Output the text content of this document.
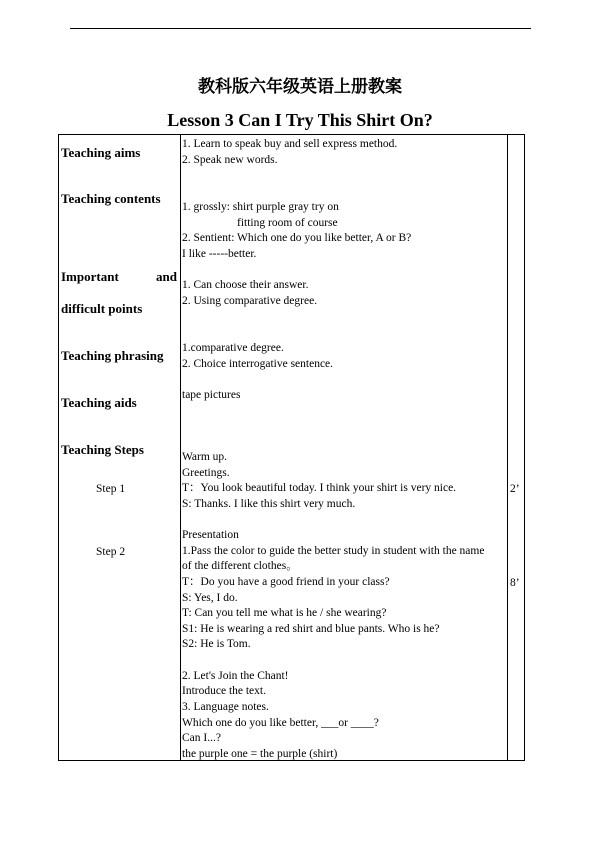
教科版六年级英语上册教案
Lesson 3 Can I Try This Shirt On?
Teaching aims
Teaching contents
Important	and
difficult points
Teaching phrasing
Teaching aids
Teaching Steps
Step 1
Step 2
2’
8’
1. Learn to speak buy and sell express method.
2. Speak new words.
1. grossly: shirt purple gray try on
fitting room of course
2. Sentient: Which one do you like better, A or B?
I like -----better.
1. Can choose their answer.
2. Using comparative degree.
1.comparative degree.
2. Choice interrogative sentence.
tape pictures
Warm up.
Greetings.
T：You look beautiful today. I think your shirt is very nice.
S: Thanks. I like this shirt very much.
Presentation
1.Pass the color to guide the better study in student with the name
of the different clothes。
T：Do you have a good friend in your class?
S: Yes, I do.
T: Can you tell me what is he / she wearing?
S1: He is wearing a red shirt and blue pants. Who is he?
S2: He is Tom.
2. Let's Join the Chant!
Introduce the text.
3. Language notes.
Which one do you like better, ___or ____?
Can I...?
the purple one = the purple (shirt)
